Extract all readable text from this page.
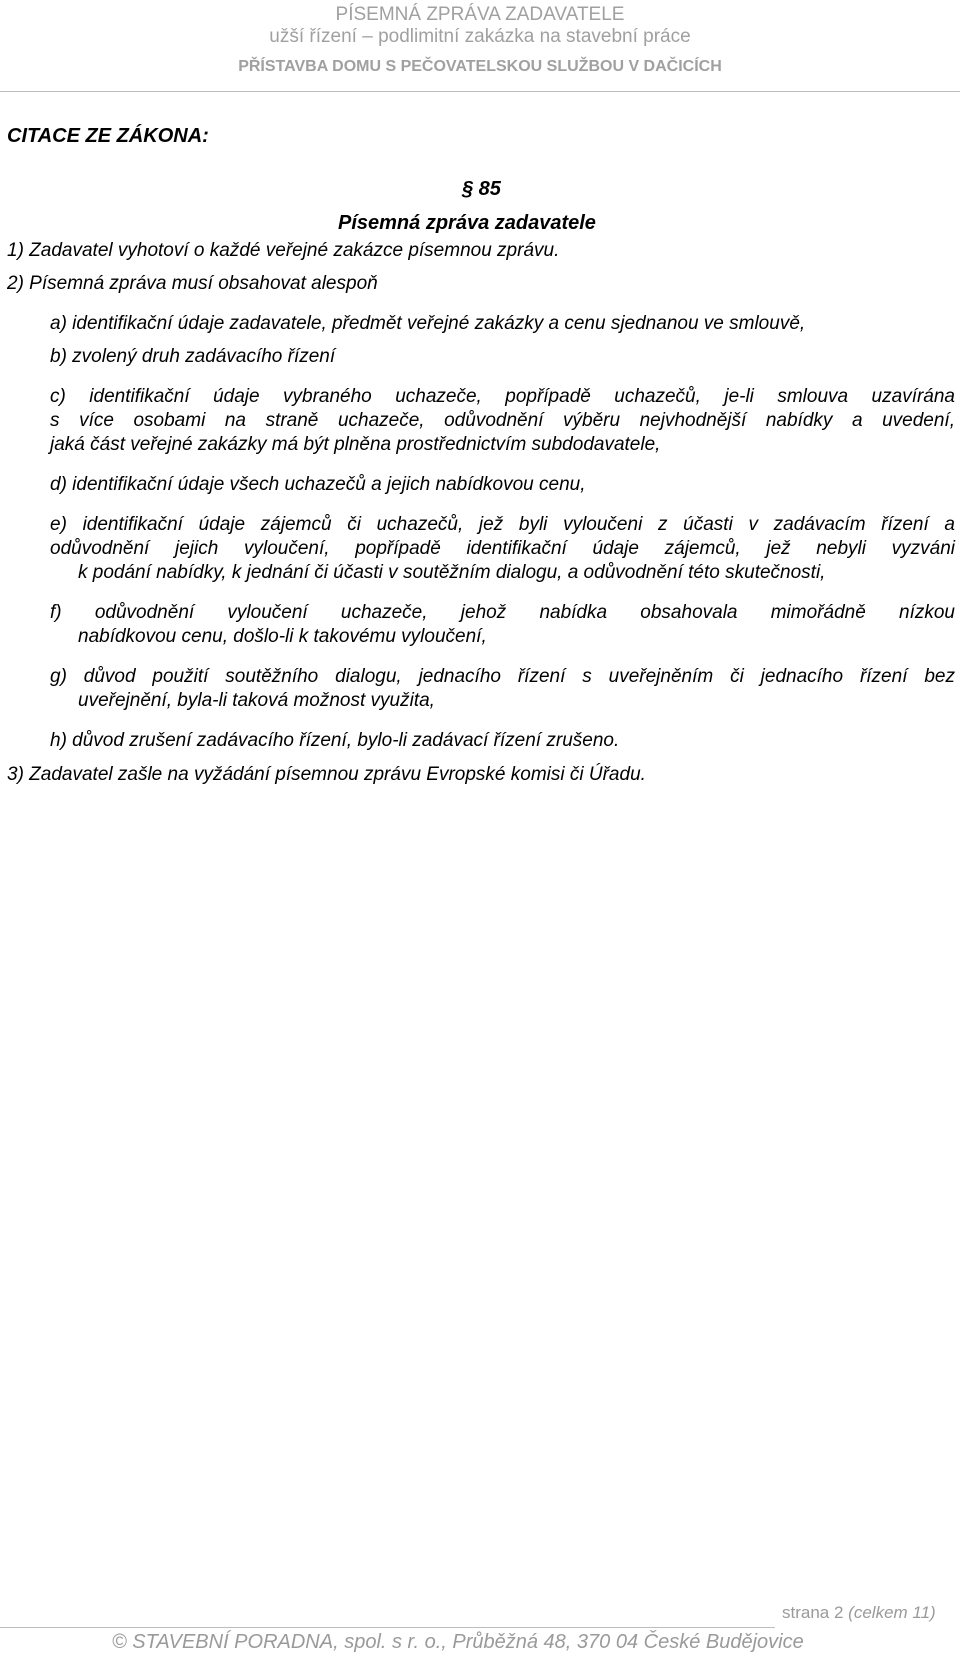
PÍSEMNÁ ZPRÁVA ZADAVATELE
užší řízení – podlimitní zakázka na stavební práce
PŘÍSTAVBA DOMU S PEČOVATELSKOU SLUŽBOU V DAČICÍCH
CITACE ZE ZÁKONA:
§ 85
Písemná zpráva zadavatele
1) Zadavatel vyhotoví o každé veřejné zakázce písemnou zprávu.
2) Písemná zpráva musí obsahovat alespoň
a) identifikační údaje zadavatele, předmět veřejné zakázky a cenu sjednanou ve smlouvě,
b) zvolený druh zadávacího řízení
c) identifikační údaje vybraného uchazeče, popřípadě uchazečů, je-li smlouva uzavírána
s více osobami na straně uchazeče, odůvodnění výběru nejvhodnější nabídky a uvedení,
jaká část veřejné zakázky má být plněna prostřednictvím subdodavatele,
d) identifikační údaje všech uchazečů a jejich nabídkovou cenu,
e) identifikační údaje zájemců či uchazečů, jež byli vyloučeni z účasti v zadávacím řízení a
odůvodnění jejich vyloučení, popřípadě identifikační údaje zájemců, jež nebyli vyzváni
k podání nabídky, k jednání či účasti v soutěžním dialogu, a odůvodnění této skutečnosti,
f) odůvodnění vyloučení uchazeče, jehož nabídka obsahovala mimořádně nízkou
nabídkovou cenu, došlo-li k takovému vyloučení,
g) důvod použití soutěžního dialogu, jednacího řízení s uveřejněním či jednacího řízení bez
uveřejnění, byla-li taková možnost využita,
h) důvod zrušení zadávacího řízení, bylo-li zadávací řízení zrušeno.
3) Zadavatel zašle na vyžádání písemnou zprávu Evropské komisi či Úřadu.
strana 2 (celkem 11)
© STAVEBNÍ PORADNA, spol. s r. o., Průběžná 48, 370 04 České Budějovice
